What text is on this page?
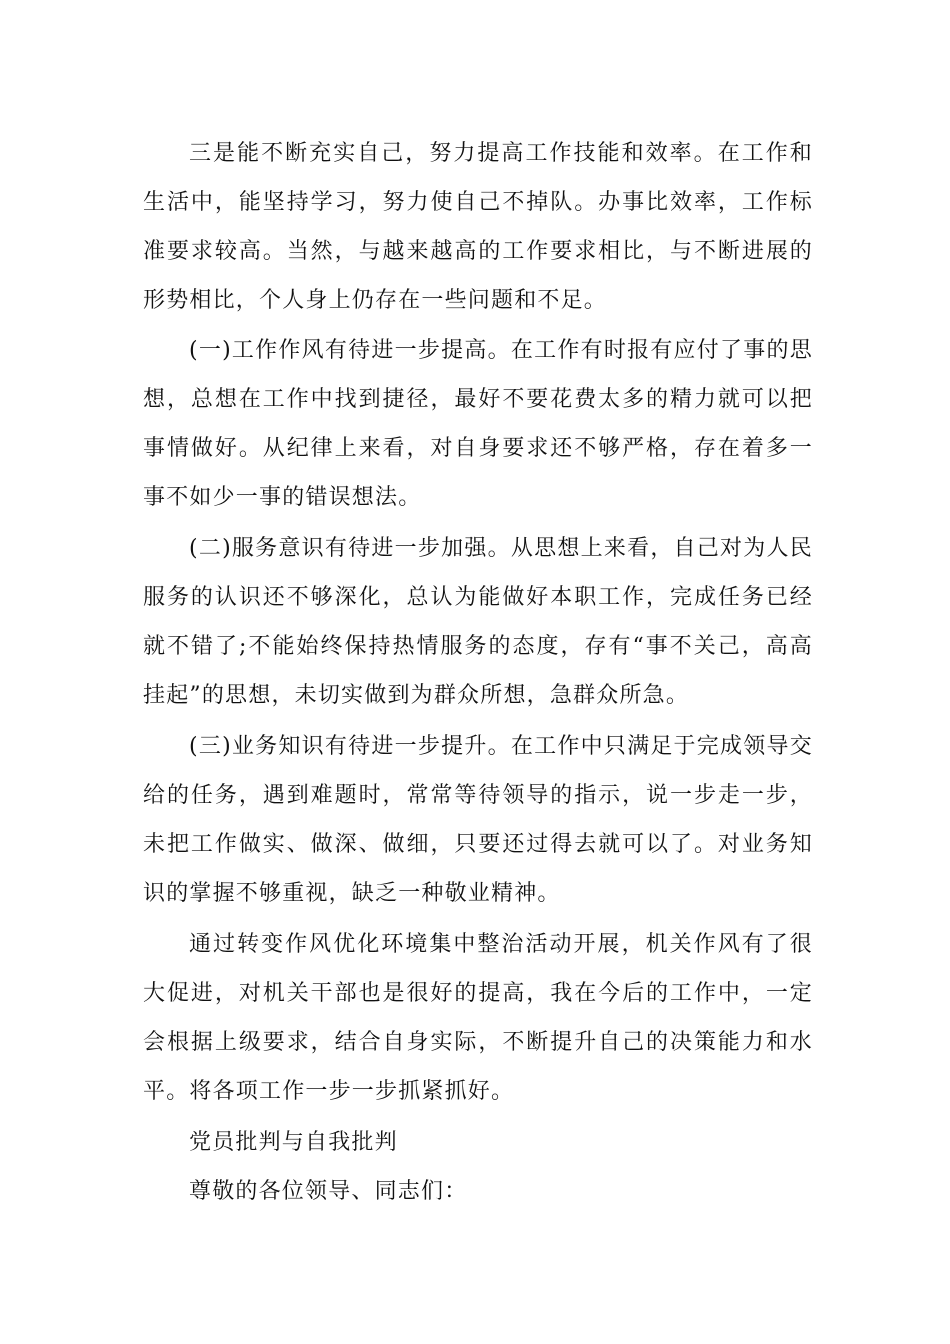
三是能不断充实自己，努力提高工作技能和效率。在工作和生活中，能坚持学习，努力使自己不掉队。办事比效率，工作标准要求较高。当然，与越来越高的工作要求相比，与不断进展的形势相比，个人身上仍存在一些问题和不足。

(一)工作作风有待进一步提高。在工作有时报有应付了事的思想，总想在工作中找到捷径，最好不要花费太多的精力就可以把事情做好。从纪律上来看，对自身要求还不够严格，存在着多一事不如少一事的错误想法。

(二)服务意识有待进一步加强。从思想上来看，自己对为人民服务的认识还不够深化，总认为能做好本职工作，完成任务已经就不错了;不能始终保持热情服务的态度，存有“事不关己，高高挂起”的思想，未切实做到为群众所想，急群众所急。

(三)业务知识有待进一步提升。在工作中只满足于完成领导交给的任务，遇到难题时，常常等待领导的指示，说一步走一步，未把工作做实、做深、做细，只要还过得去就可以了。对业务知识的掌握不够重视，缺乏一种敬业精神。

通过转变作风优化环境集中整治活动开展，机关作风有了很大促进，对机关干部也是很好的提高，我在今后的工作中，一定会根据上级要求，结合自身实际，不断提升自己的决策能力和水平。将各项工作一步一步抓紧抓好。

党员批判与自我批判

尊敬的各位领导、同志们：
